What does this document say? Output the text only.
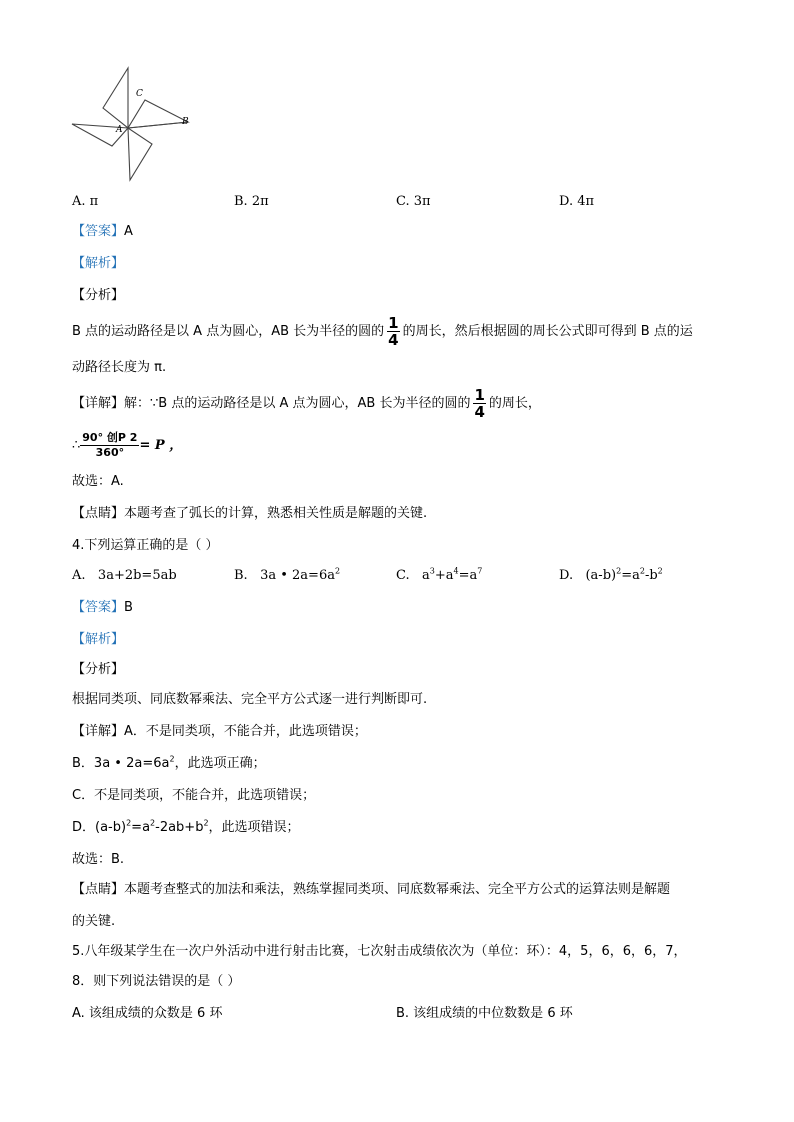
C
A
B
A. π	B. 2π	C. 3π	D. 4π
【答案】A
【解析】
【分析】
B 点的运动路径是以 A 点为圆心，AB 长为半径的圆的 $\frac{1}{4}$ 的周长，然后根据圆的周长公式即可得到 B 点的运
动路径长度为 π.
【详解】解：∵B 点的运动路径是以 A 点为圆心，AB 长为半径的圆的 $\frac{1}{4}$ 的周长，
∴
90° 创P 2
360°	= P ，
故选：A.
【点睛】本题考查了弧长的计算，熟悉相关性质是解题的关键.
4.下列运算正确的是（ ）
A.   3a+2b=5ab	B.   3a • $2a=6a^2$	C.   $a^3+a^4=a^7$	D.   $(a-b)^2=a^2-b^2$
【答案】B
【解析】
【分析】
根据同类项、同底数幂乘法、完全平方公式逐一进行判断即可.
【详解】A．不是同类项，不能合并，此选项错误；
B．3a • $2a=6a^2$，此选项正确；
C．不是同类项，不能合并，此选项错误；
D．$(a-b)^2=a^2-2ab+b^2$，此选项错误；
故选：B.
【点睛】本题考查整式的加法和乘法，熟练掌握同类项、同底数幂乘法、完全平方公式的运算法则是解题
的关键.
5.八年级某学生在一次户外活动中进行射击比赛，七次射击成绩依次为（单位：环）：4，5，6，6，6，7，
8．则下列说法错误的是（ ）
A. 该组成绩的众数是 6 环	B. 该组成绩的中位数数是 6 环
